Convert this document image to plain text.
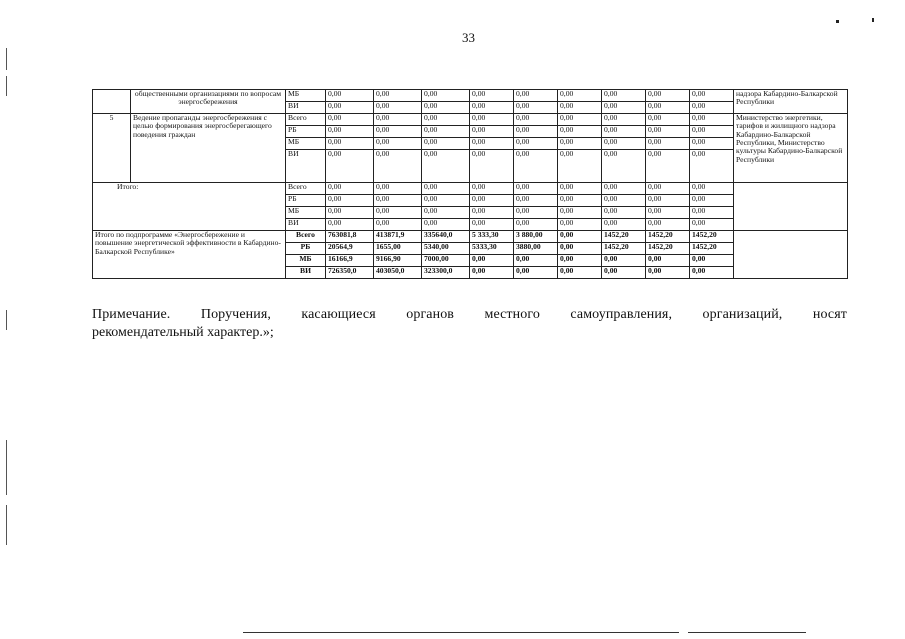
33
	общественными организациями по вопросам энергосбережения	МБ	0,00	0,00	0,00	0,00	0,00	0,00	0,00	0,00	0,00	надзора Кабардино-Балкарской Республики
		ВИ	0,00	0,00	0,00	0,00	0,00	0,00	0,00	0,00	0,00	
5	Ведение пропаганды энергосбережения с целью формирования энергосберегающего поведения граждан	Всего	0,00	0,00	0,00	0,00	0,00	0,00	0,00	0,00	0,00	Министерство энергетики, тарифов и жилищного надзора Кабардино-Балкарской Республики, Министерство культуры Кабардино-Балкарской Республики
		РБ	0,00	0,00	0,00	0,00	0,00	0,00	0,00	0,00	0,00	
		МБ	0,00	0,00	0,00	0,00	0,00	0,00	0,00	0,00	0,00	
		ВИ	0,00	0,00	0,00	0,00	0,00	0,00	0,00	0,00	0,00	
Итого:		Всего	0,00	0,00	0,00	0,00	0,00	0,00	0,00	0,00	0,00	
		РБ	0,00	0,00	0,00	0,00	0,00	0,00	0,00	0,00	0,00	
		МБ	0,00	0,00	0,00	0,00	0,00	0,00	0,00	0,00	0,00	
		ВИ	0,00	0,00	0,00	0,00	0,00	0,00	0,00	0,00	0,00	
Итого по подпрограмме «Энергосбережение и повышение энергетической эффективности в Кабардино-Балкарской Республике»		Всего	763081,8	413871,9	335640,0	5 333,30	3 880,00	0,00	1452,20	1452,20	1452,20	
		РБ	20564,9	1655,00	5340,00	5333,30	3880,00	0,00	1452,20	1452,20	1452,20	
		МБ	16166,9	9166,90	7000,00	0,00	0,00	0,00	0,00	0,00	0,00	
		ВИ	726350,0	403050,0	323300,0	0,00	0,00	0,00	0,00	0,00	0,00	
Примечание. Поручения, касающиеся органов местного самоуправления, организаций, носят
рекомендательный характер.»;
